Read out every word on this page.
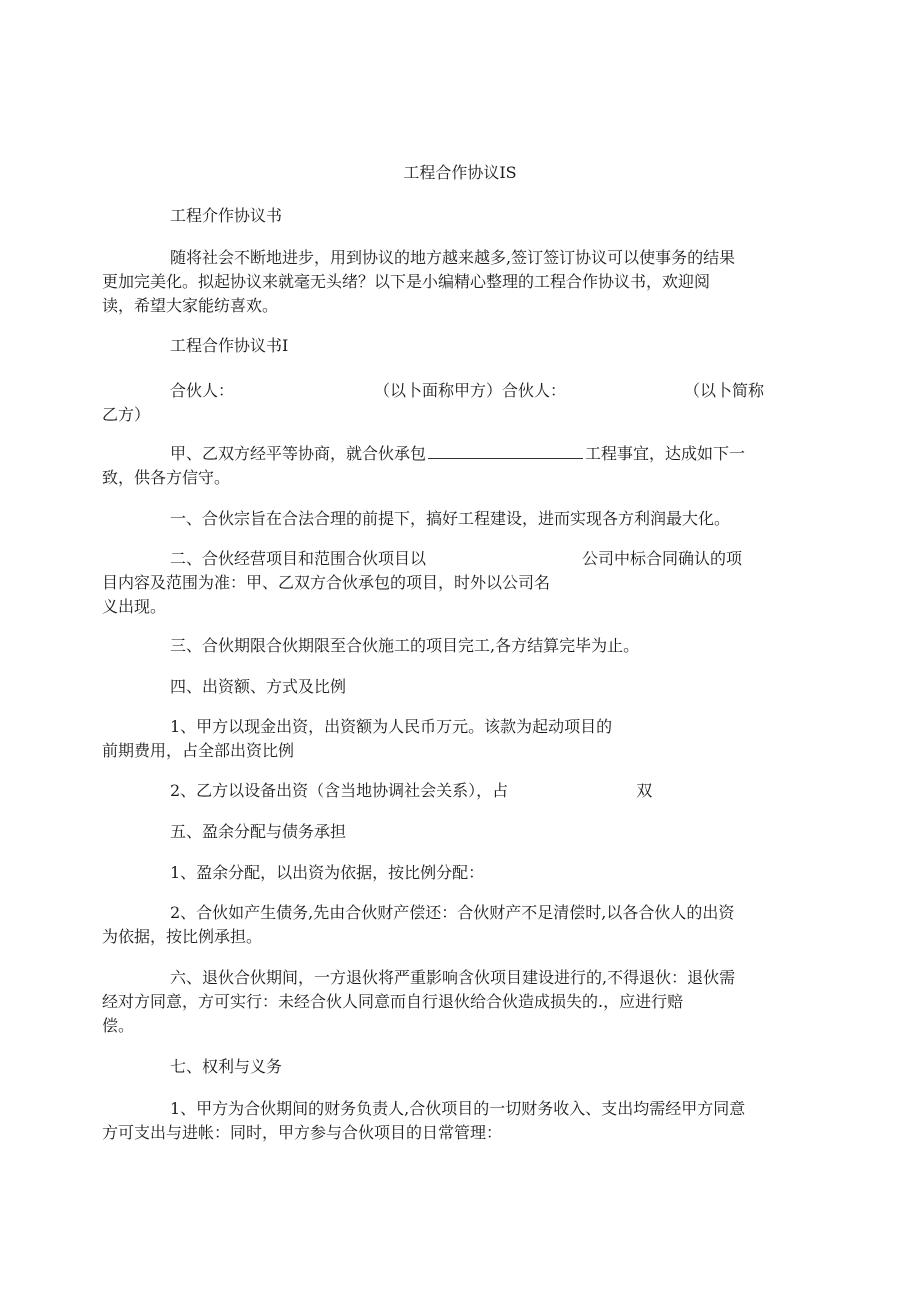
工程合作协议IS
工程介作协议书
随将社会不断地进步，用到协议的地方越来越多,签订签订协议可以使事务的结果
更加完美化。拟起协议来就毫无头绪？以下是小编精心整理的工程合作协议书，欢迎阅
读，希望大家能纺喜欢。
工程合作协议书I
合伙人：	（以卜面称甲方）合伙人：	（以卜简称
乙方）
甲、乙双方经平等协商，就合伙承包	工程事宜，达成如下一
致，供各方信守。
一、合伙宗旨在合法合理的前提下，搞好工程建设，进而实现各方利润最大化。
二、合伙经营项目和范围合伙项目以	公司中标合同确认的项
目内容及范围为准：甲、乙双方合伙承包的项目，时外以公司名
义出现。
三、合伙期限合伙期限至合伙施工的项目完工,各方结算完毕为止。
四、出资额、方式及比例
1、甲方以现金出资，出资额为人民币万元。该款为起动项目的
前期费用，占全部出资比例
2、乙方以设备出资（含当地协调社会关系），占	双
五、盈余分配与债务承担
1、盈余分配，以出资为依据，按比例分配：
2、合伙如产生债务,先由合伙财产偿还：合伙财产不足清偿时,以各合伙人的出资
为依据，按比例承担。
六、退伙合伙期间，一方退伙将严重影响含伙项目建设进行的,不得退伙：退伙需
经对方同意，方可实行：未经合伙人同意而自行退伙给合伙造成损失的.，应进行赔
偿。
七、权利与义务
1、甲方为合伙期间的财务负责人,合伙项目的一切财务收入、支出均需经甲方同意
方可支出与进帐：同时，甲方参与合伙项目的日常管理：
